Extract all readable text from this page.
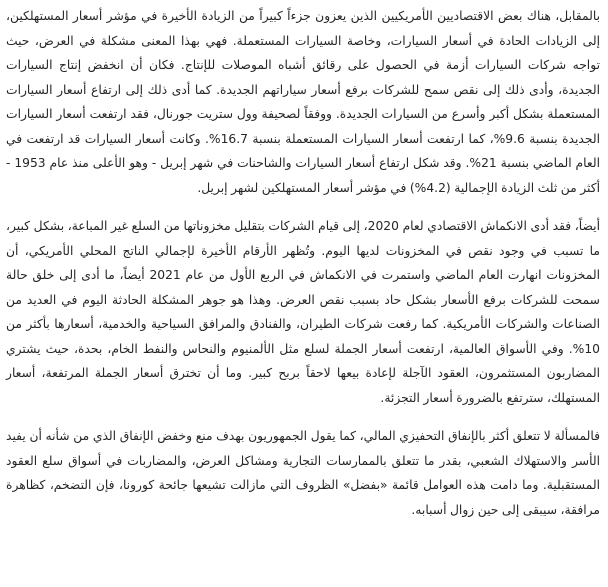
بالمقابل، هناك بعض الاقتصاديين الأمريكيين الذين يعزون جزءاً كبيراً من الزيادة الأخيرة في مؤشر أسعار المستهلكين، إلى الزيادات الحادة في أسعار السيارات، وخاصة السيارات المستعملة. فهي بهذا المعنى مشكلة في العرض، حيث تواجه شركات السيارات أزمة في الحصول على رقائق أشباه الموصلات للإنتاج. فكان أن انخفض إنتاج السيارات الجديدة، وأدى ذلك إلى نقص سمح للشركات برفع أسعار سياراتهم الجديدة. كما أدى ذلك إلى ارتفاع أسعار السيارات المستعملة بشكل أكبر وأسرع من السيارات الجديدة. ووفقاً لصحيفة وول ستريت جورنال، فقد ارتفعت أسعار السيارات الجديدة بنسبة 9.6%، كما ارتفعت أسعار السيارات المستعملة بنسبة 16.7%. وكانت أسعار السيارات قد ارتفعت في العام الماضي بنسبة 21%. وقد شكل ارتفاع أسعار السيارات والشاحنات في شهر إبريل - وهو الأعلى منذ عام 1953 - أكثر من ثلث الزيادة الإجمالية (4.2%) في مؤشر أسعار المستهلكين لشهر إبريل.

أيضاً، فقد أدى الانكماش الاقتصادي لعام 2020، إلى قيام الشركات بتقليل مخزوناتها من السلع غير المباعة، بشكل كبير، ما تسبب في وجود نقص في المخزونات لديها اليوم. وتُظهر الأرقام الأخيرة لإجمالي الناتج المحلي الأمريكي، أن المخزونات انهارت العام الماضي واستمرت في الانكماش في الربع الأول من عام 2021 أيضاً، ما أدى إلى خلق حالة سمحت للشركات برفع الأسعار بشكل حاد بسبب نقص العرض. وهذا هو جوهر المشكلة الحادثة اليوم في العديد من الصناعات والشركات الأمريكية. كما رفعت شركات الطيران، والفنادق والمرافق السياحية والخدمية، أسعارها بأكثر من 10%. وفي الأسواق العالمية، ارتفعت أسعار الجملة لسلع مثل الألمنيوم والنحاس والنفط الخام، بحدة، حيث يشتري المضاربون المستثمرون، العقود الآجلة لإعادة بيعها لاحقاً بربح كبير. وما أن تخترق أسعار الجملة المرتفعة، أسعار المستهلك، سترتفع بالضرورة أسعار التجزئة.

فالمسألة لا تتعلق أكثر بالإنفاق التحفيزي المالي، كما يقول الجمهوريون بهدف منع وخفض الإنفاق الذي من شأنه أن يفيد الأسر والاستهلاك الشعبي، بقدر ما تتعلق بالممارسات التجارية ومشاكل العرض، والمضاربات في أسواق سلع العقود المستقبلية. وما دامت هذه العوامل قائمة «بفضل» الظروف التي مازالت تشيعها جائحة كورونا، فإن التضخم، كظاهرة مرافقة، سيبقى إلى حين زوال أسبابه.
